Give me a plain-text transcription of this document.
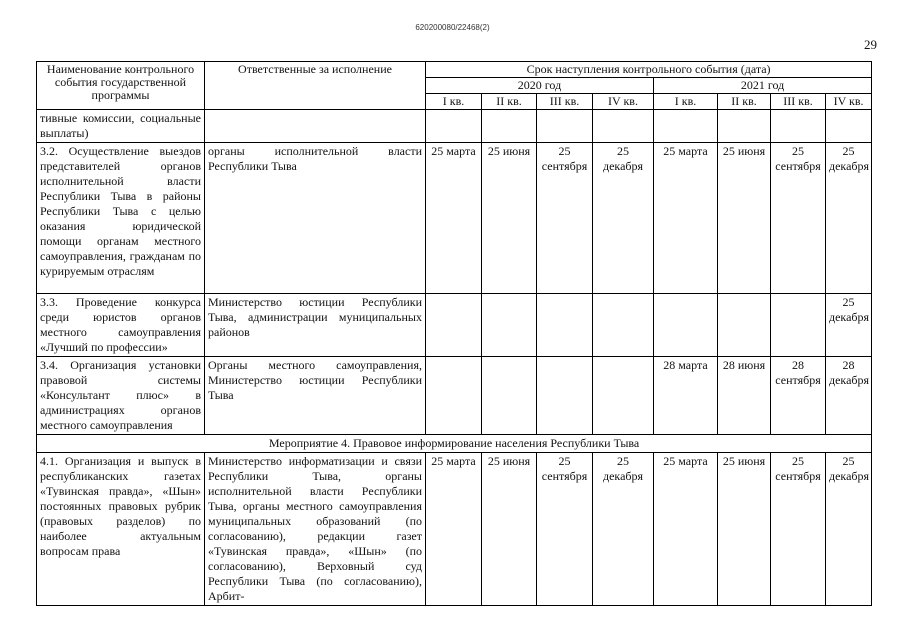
620200080/22468(2)
29
Наименование контрольного события государственной программы	Ответственные за исполнение	Срок наступления контрольного события (дата)							
		2020 год				2021 год			
		I кв.	II кв.	III кв.	IV кв.	I кв.	II кв.	III кв.	IV кв.
тивные комиссии, социальные выплаты)									
3.2. Осуществление выездов представителей органов исполнительной власти Республики Тыва в районы Республики Тыва с целью оказания юридической помощи органам местного самоуправления, гражданам по курируемым отраслям	органы исполнительной власти Республики Тыва	25 марта	25 июня	25 сентября	25 декабря	25 марта	25 июня	25 сентября	25 декабря
3.3. Проведение конкурса среди юристов органов местного самоуправления «Лучший по профессии»	Министерство юстиции Республики Тыва, администрации муниципальных районов								25 декабря
3.4. Организация установки правовой системы «Консультант плюс» в администрациях органов местного самоуправления	Органы местного самоуправления, Министерство юстиции Республики Тыва					28 марта	28 июня	28 сентября	28 декабря
Мероприятие 4. Правовое информирование населения Республики Тыва									
4.1. Организация и выпуск в республиканских газетах «Тувинская правда», «Шын» постоянных правовых рубрик (правовых разделов) по наиболее актуальным вопросам права	Министерство информатизации и связи Республики Тыва, органы исполнительной власти Республики Тыва, органы местного самоуправления муниципальных образований (по согласованию), редакции газет «Тувинская правда», «Шын» (по согласованию), Верховный суд Республики Тыва (по согласованию), Арбит-	25 марта	25 июня	25 сентября	25 декабря	25 марта	25 июня	25 сентября	25 декабря
